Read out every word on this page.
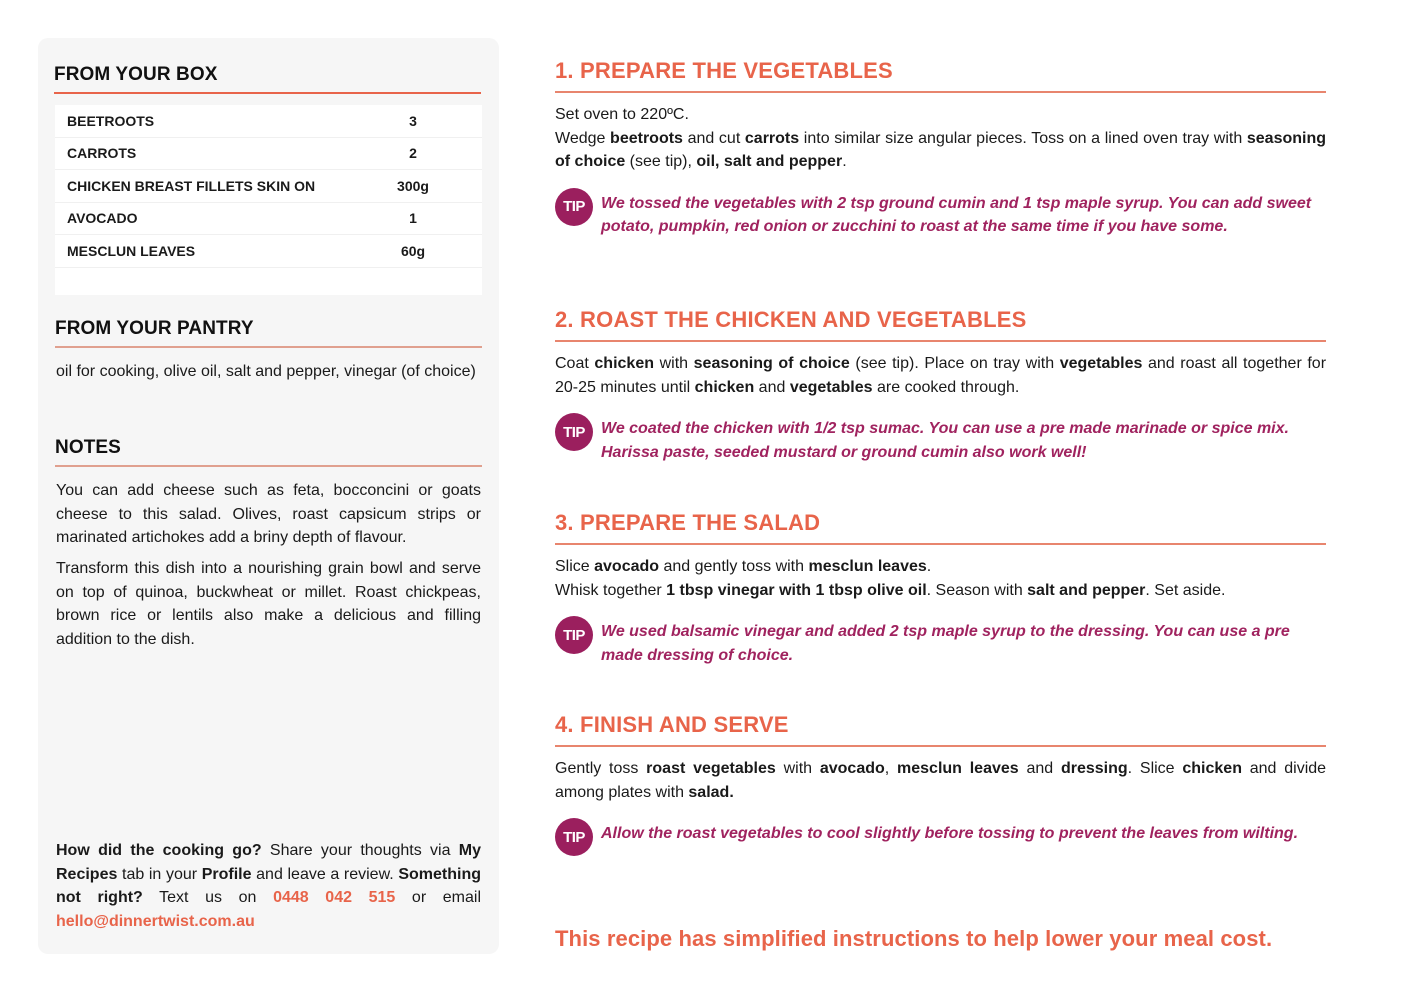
FROM YOUR BOX
BEETROOTS	3
CARROTS	2
CHICKEN BREAST FILLETS SKIN ON	300g
AVOCADO	1
MESCLUN LEAVES	60g
FROM YOUR PANTRY

oil for cooking, olive oil, salt and pepper, vinegar (of choice)

NOTES

You can add cheese such as feta, bocconcini or goats cheese to this salad. Olives, roast capsicum strips or marinated artichokes add a briny depth of flavour.

Transform this dish into a nourishing grain bowl and serve on top of quinoa, buckwheat or millet. Roast chickpeas, brown rice or lentils also make a delicious and filling addition to the dish.

How did the cooking go? Share your thoughts via My Recipes tab in your Profile and leave a review. Something not right? Text us on 0448 042 515 or email hello@dinnertwist.com.au

1. PREPARE THE VEGETABLES

Set oven to 220ºC.
Wedge beetroots and cut carrots into similar size angular pieces. Toss on a lined oven tray with seasoning of choice (see tip), oil, salt and pepper.

TIP	We tossed the vegetables with 2 tsp ground cumin and 1 tsp maple syrup. You can add sweet potato, pumpkin, red onion or zucchini to roast at the same time if you have some.

2. ROAST THE CHICKEN AND VEGETABLES

Coat chicken with seasoning of choice (see tip). Place on tray with vegetables and roast all together for 20-25 minutes until chicken and vegetables are cooked through.

TIP	We coated the chicken with 1/2 tsp sumac. You can use a pre made marinade or spice mix. Harissa paste, seeded mustard or ground cumin also work well!

3. PREPARE THE SALAD

Slice avocado and gently toss with mesclun leaves.
Whisk together 1 tbsp vinegar with 1 tbsp olive oil. Season with salt and pepper. Set aside.

TIP	We used balsamic vinegar and added 2 tsp maple syrup to the dressing. You can use a pre made dressing of choice.

4. FINISH AND SERVE

Gently toss roast vegetables with avocado, mesclun leaves and dressing. Slice chicken and divide among plates with salad.

TIP	Allow the roast vegetables to cool slightly before tossing to prevent the leaves from wilting.

This recipe has simplified instructions to help lower your meal cost.
